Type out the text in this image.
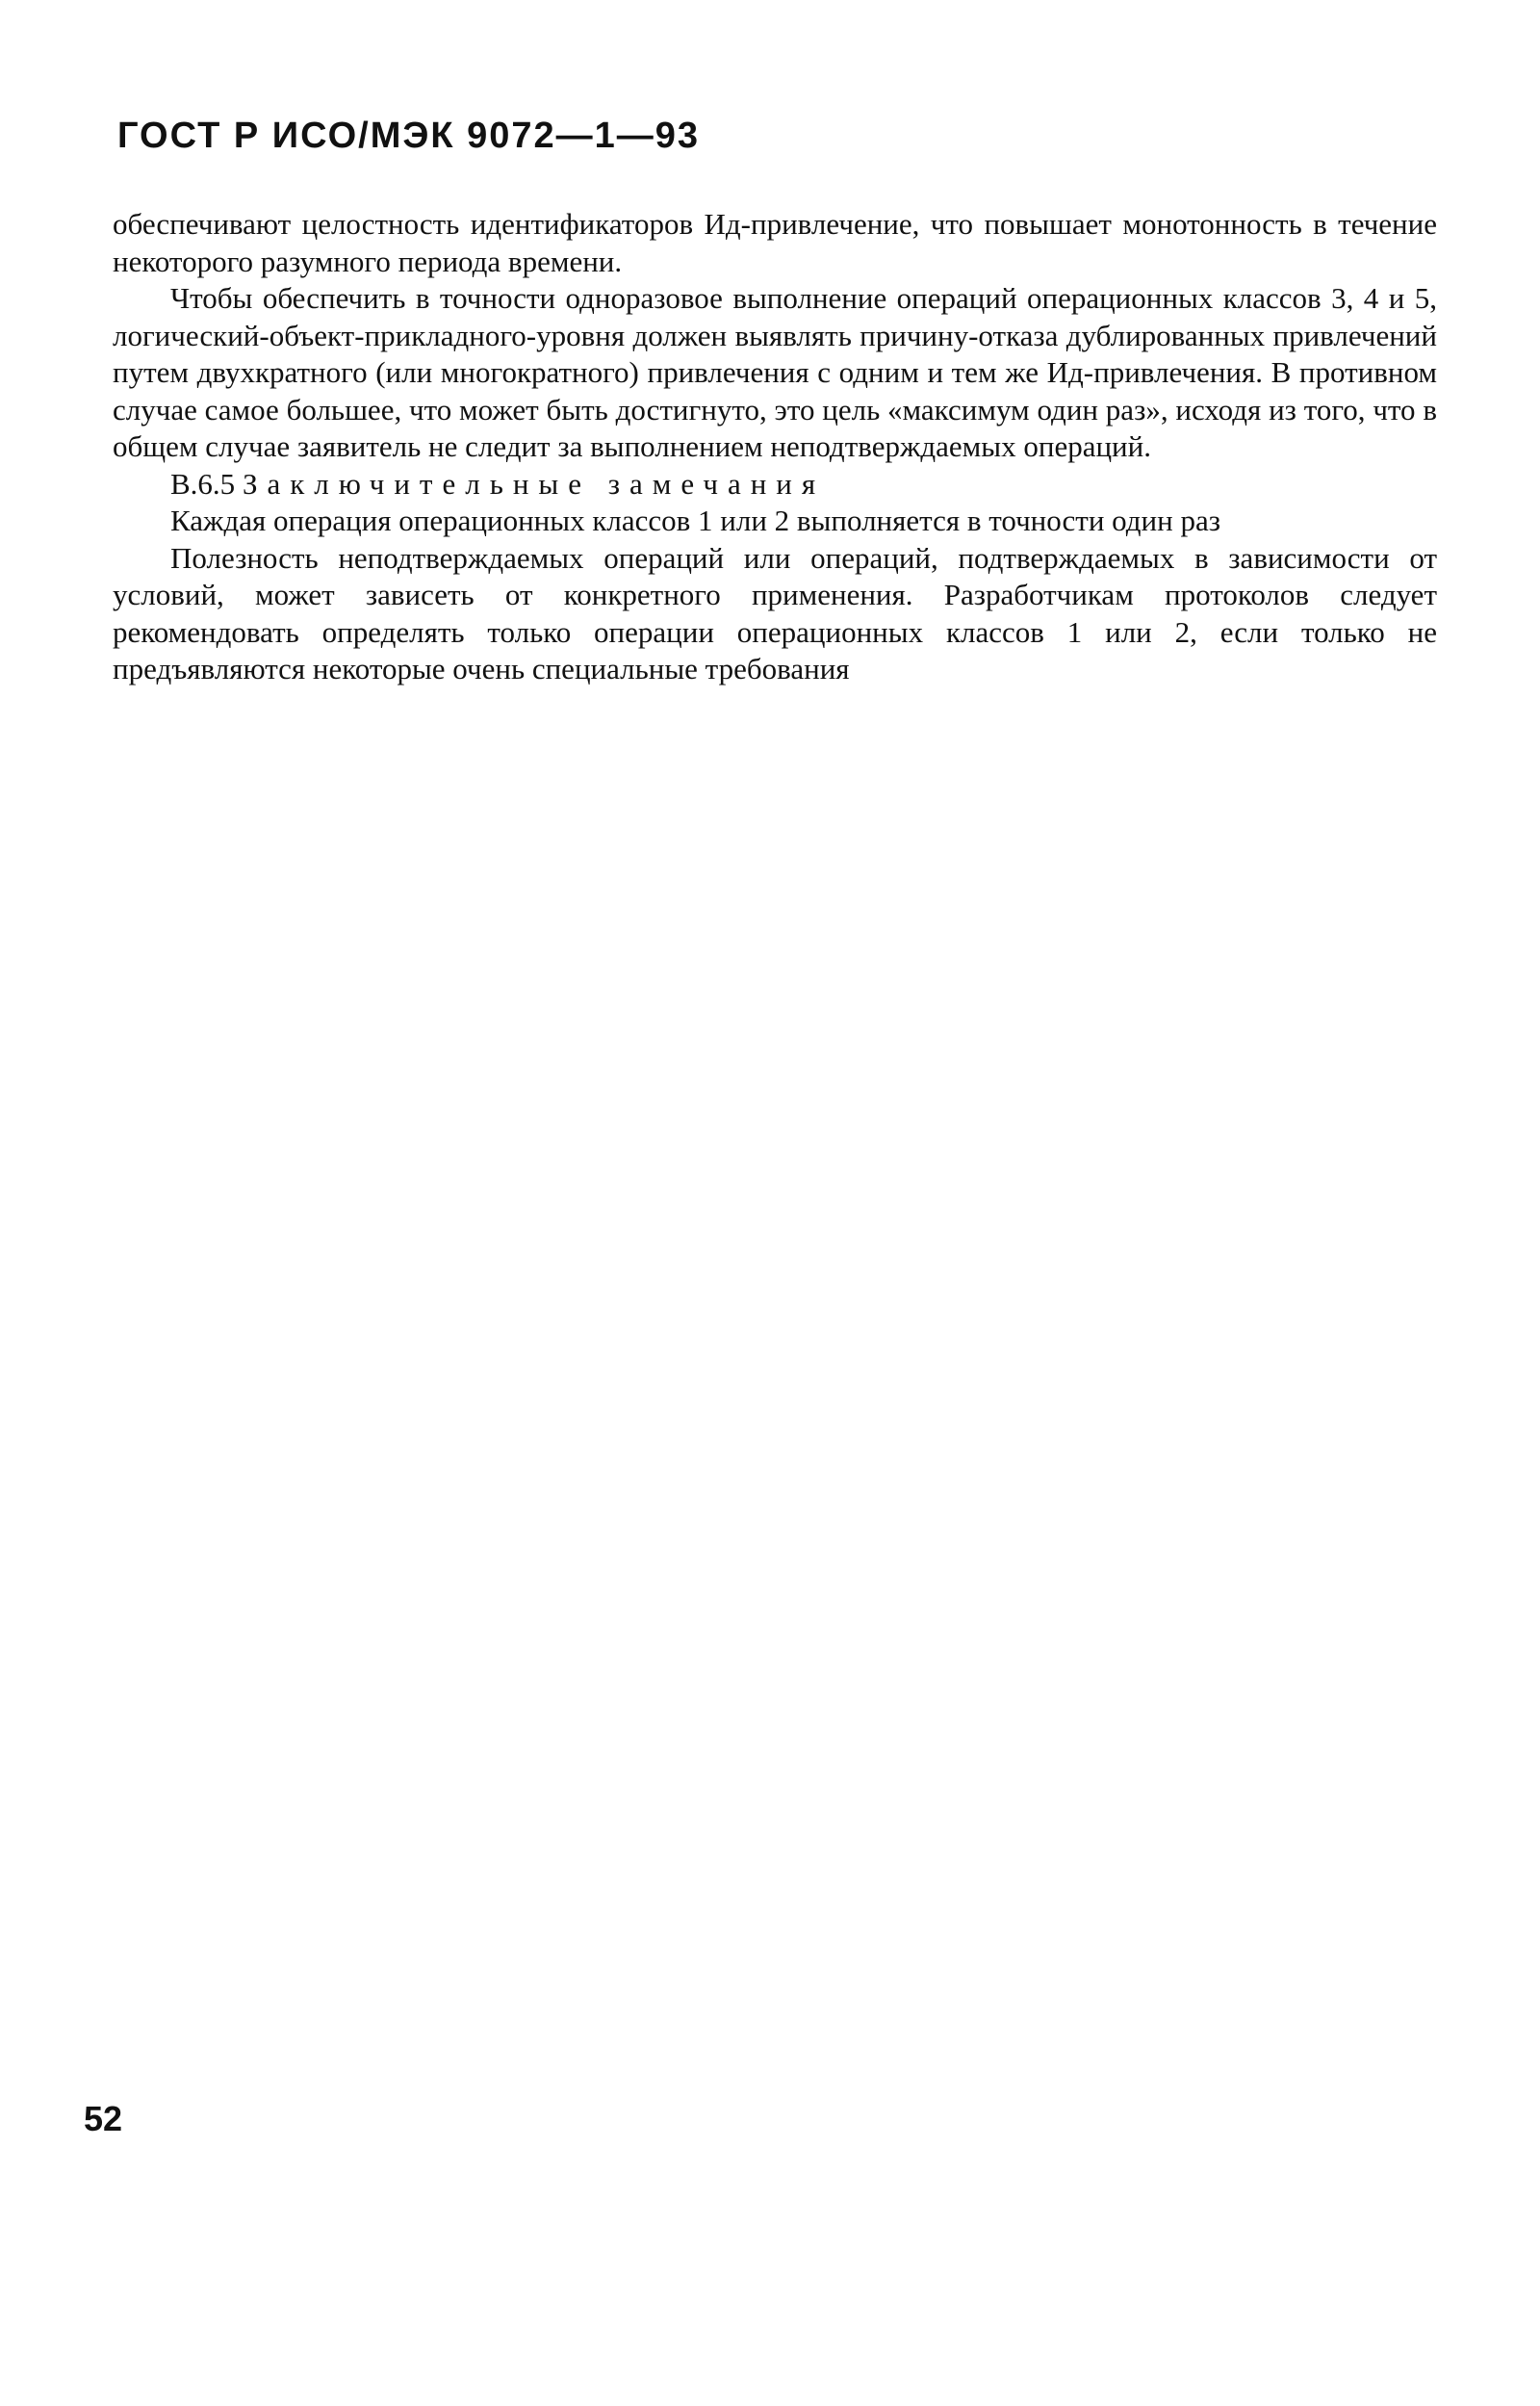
ГОСТ Р ИСО/МЭК 9072—1—93

обеспечивают целостность идентификаторов Ид-привлечение, что повышает монотонность в течение некоторого разумного периода времени.

Чтобы обеспечить в точности одноразовое выполнение операций операционных классов 3, 4 и 5, логический-объект-прикладного-уровня должен выявлять причину-отказа дублированных привлечений путем двухкратного (или многократного) привлечения с одним и тем же Ид-привлечения. В противном случае самое большее, что может быть достигнуто, это цель «максимум один раз», исходя из того, что в общем случае заявитель не следит за выполнением неподтверждаемых операций.

В.6.5 Заключительные замечания

Каждая операция операционных классов 1 или 2 выполняется в точности один раз

Полезность неподтверждаемых операций или операций, подтверждаемых в зависимости от условий, может зависеть от конкретного применения. Разработчикам протоколов следует рекомендовать определять только операции операционных классов 1 или 2, если только не предъявляются некоторые очень специальные требования

52
